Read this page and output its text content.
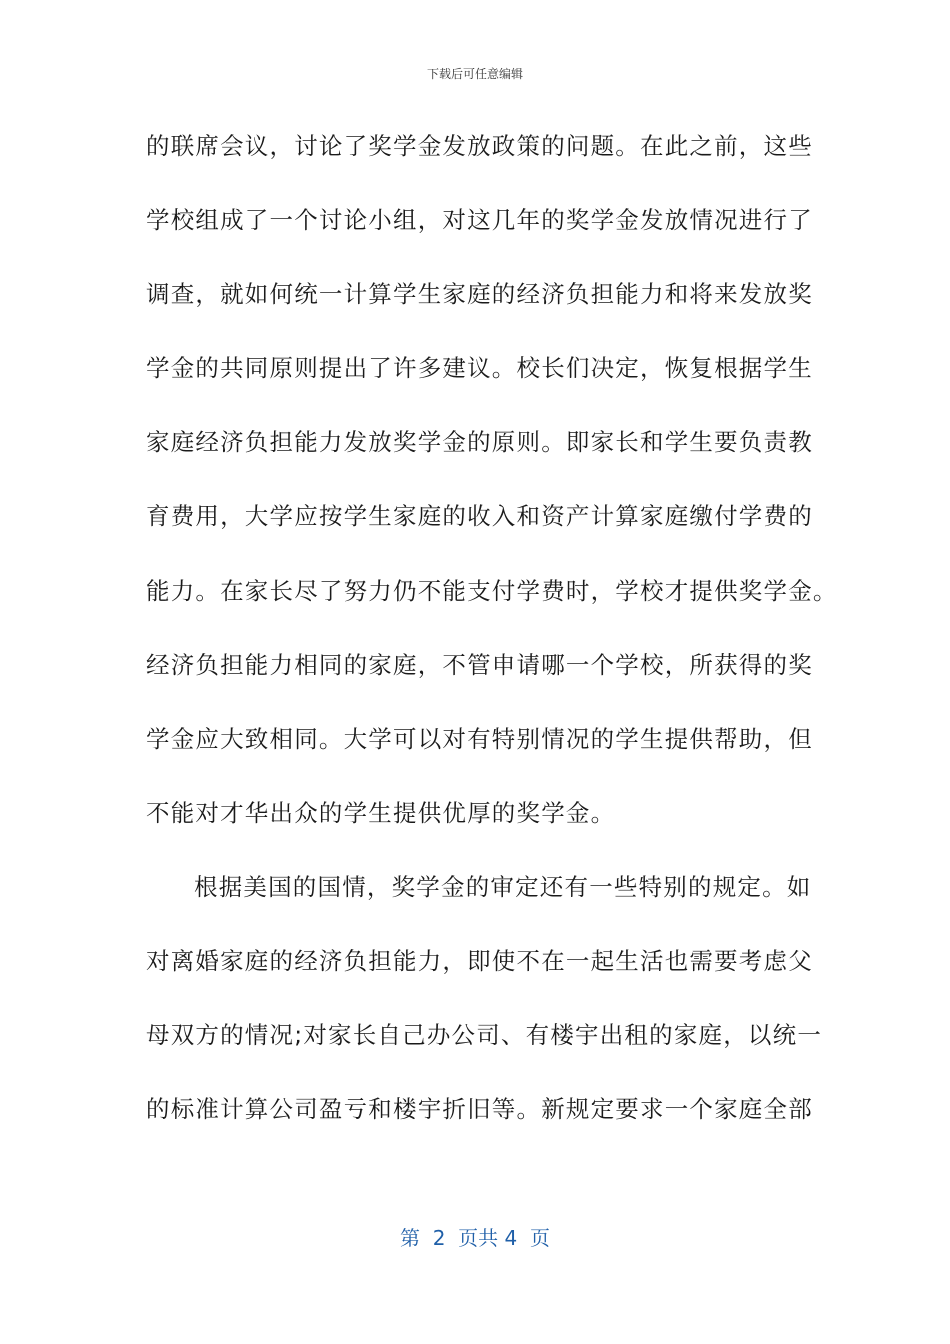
下载后可任意编辑
的联席会议，讨论了奖学金发放政策的问题。在此之前，这些
学校组成了一个讨论小组，对这几年的奖学金发放情况进行了
调查，就如何统一计算学生家庭的经济负担能力和将来发放奖
学金的共同原则提出了许多建议。校长们决定，恢复根据学生
家庭经济负担能力发放奖学金的原则。即家长和学生要负责教
育费用，大学应按学生家庭的收入和资产计算家庭缴付学费的
能力。在家长尽了努力仍不能支付学费时，学校才提供奖学金。
经济负担能力相同的家庭，不管申请哪一个学校，所获得的奖
学金应大致相同。大学可以对有特别情况的学生提供帮助，但
不能对才华出众的学生提供优厚的奖学金。
根据美国的国情，奖学金的审定还有一些特别的规定。如
对离婚家庭的经济负担能力，即使不在一起生活也需要考虑父
母双方的情况;对家长自己办公司、有楼宇出租的家庭，以统一
的标准计算公司盈亏和楼宇折旧等。新规定要求一个家庭全部
第  2  页共 4  页
